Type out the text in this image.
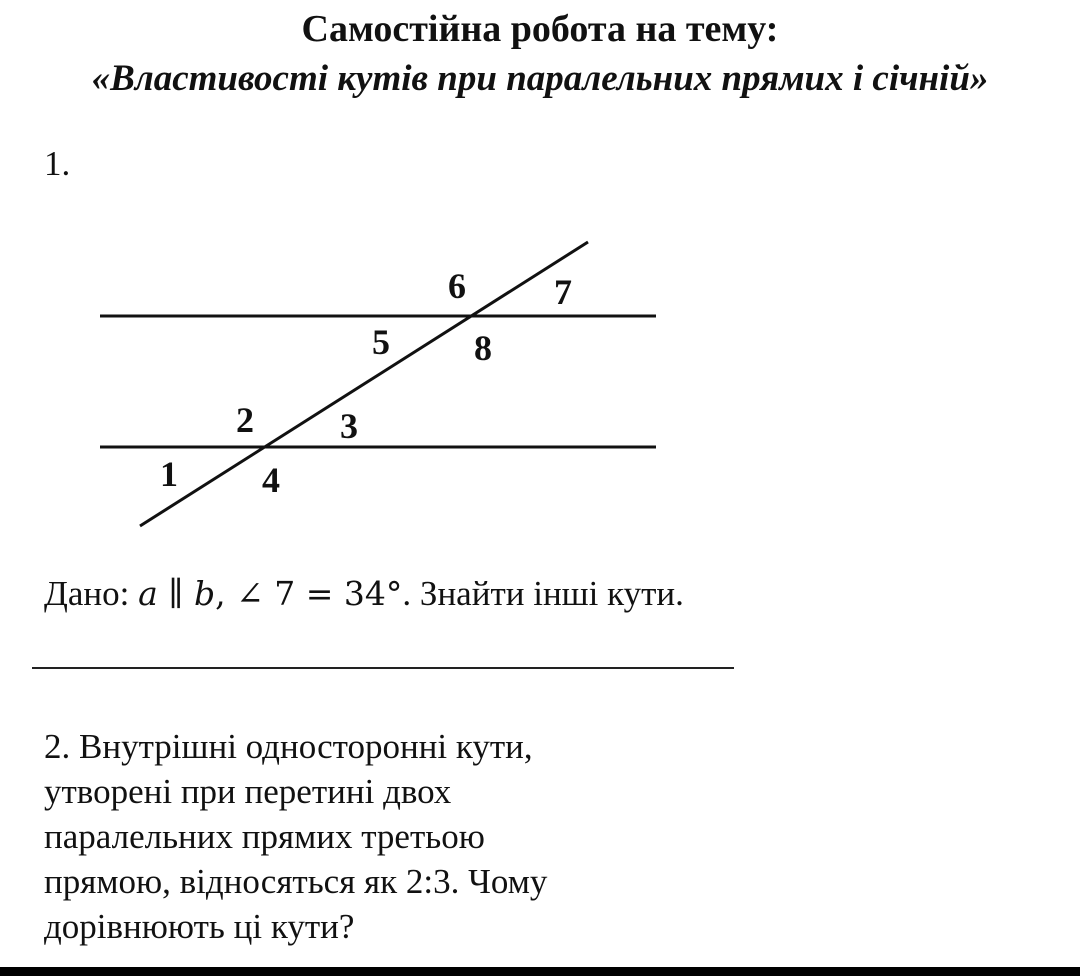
Самостійна робота на тему:
«Властивості кутів при паралельних прямих і січній»
1.
1
2 3
4
5
6 7
8
Дано: a ∥ b, ∠ 7 = 34°. Знайти інші кути.
2. Внутрішні односторонні кути,
утворені при перетині двох
паралельних прямих третьою
прямою, відносяться як 2:3. Чому
дорівнюють ці кути?
